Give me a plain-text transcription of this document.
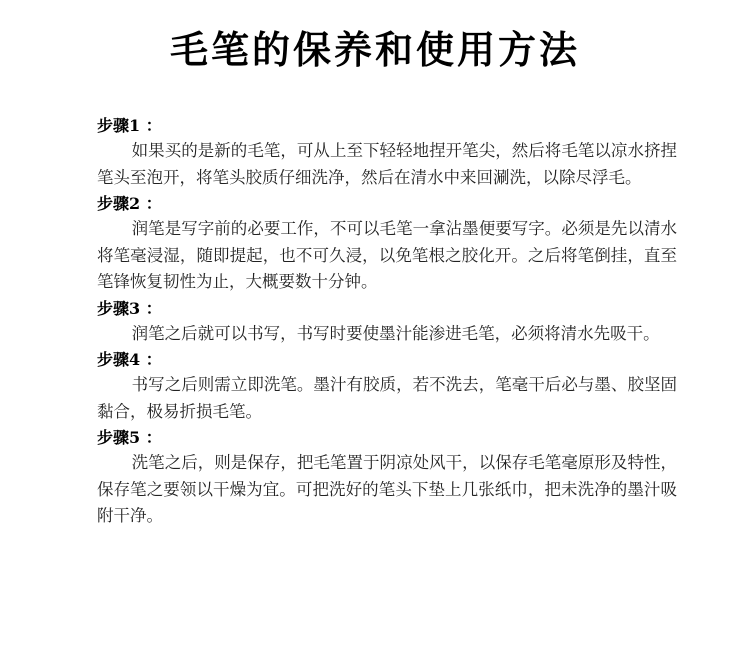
毛笔的保养和使用方法
步骤1 ：

如果买的是新的毛笔，可从上至下轻轻地捏开笔尖，然后将毛笔以凉水挤捏笔头至泡开，将笔头胶质仔细洗净，然后在清水中来回涮洗，以除尽浮毛。

步骤2 ：

润笔是写字前的必要工作，不可以毛笔一拿沾墨便要写字。必须是先以清水将笔毫浸湿，随即提起，也不可久浸，以免笔根之胶化开。之后将笔倒挂，直至笔锋恢复韧性为止，大概要数十分钟。

步骤3 ：

润笔之后就可以书写，书写时要使墨汁能渗进毛笔，必须将清水先吸干。

步骤4 ：

书写之后则需立即洗笔。墨汁有胶质，若不洗去，笔毫干后必与墨、胶坚固黏合，极易折损毛笔。

步骤5 ：

洗笔之后，则是保存，把毛笔置于阴凉处风干，以保存毛笔毫原形及特性，保存笔之要领以干燥为宜。可把洗好的笔头下垫上几张纸巾，把未洗净的墨汁吸附干净。
